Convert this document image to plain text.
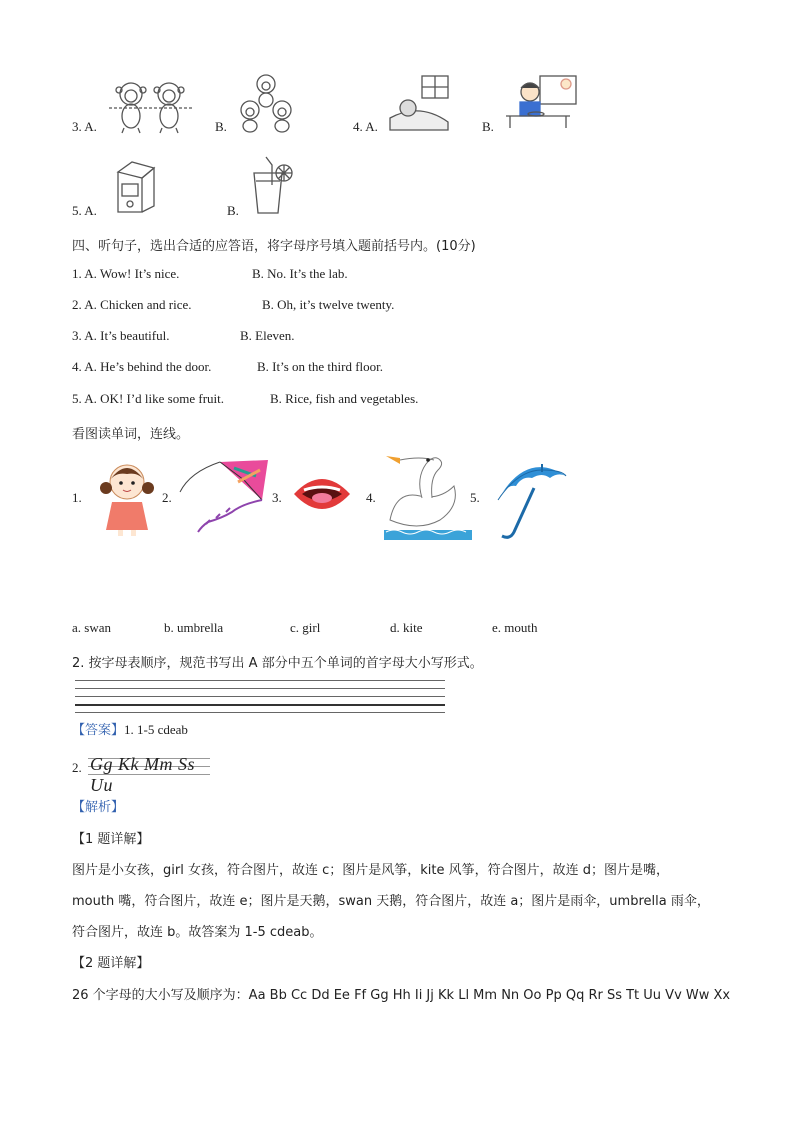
3. A.	B.	4. A.	B.
5. A.	B.
四、听句子，选出合适的应答语，将字母序号填入题前括号内。(10分)
1. A. Wow! It’s nice.	B. No. It’s the lab.
2. A. Chicken and rice.	B. Oh, it’s twelve twenty.
3. A. It’s beautiful.	B. Eleven.
4. A. He’s behind the door.	B. It’s on the third floor.
5. A. OK! I’d like some fruit.	B. Rice, fish and vegetables.
看图读单词，连线。
1.	2.	3.	4.	5.
a. swan	b. umbrella	c. girl	d. kite	e. mouth
2. 按字母表顺序，规范书写出 A 部分中五个单词的首字母大小写形式。
【答案】1. 1-5 cdeab
2. Gg Kk Mm Ss Uu
【解析】
【1 题详解】
图片是小女孩，girl 女孩，符合图片，故连 c；图片是风筝，kite 风筝，符合图片，故连 d；图片是嘴，
mouth 嘴，符合图片，故连 e；图片是天鹅，swan 天鹅，符合图片，故连 a；图片是雨伞，umbrella 雨伞，
符合图片，故连 b。故答案为 1-5 cdeab。
【2 题详解】
26 个字母的大小写及顺序为：Aa Bb Cc Dd Ee Ff Gg Hh Ii Jj Kk Ll Mm Nn Oo Pp Qq Rr Ss Tt Uu Vv Ww Xx
